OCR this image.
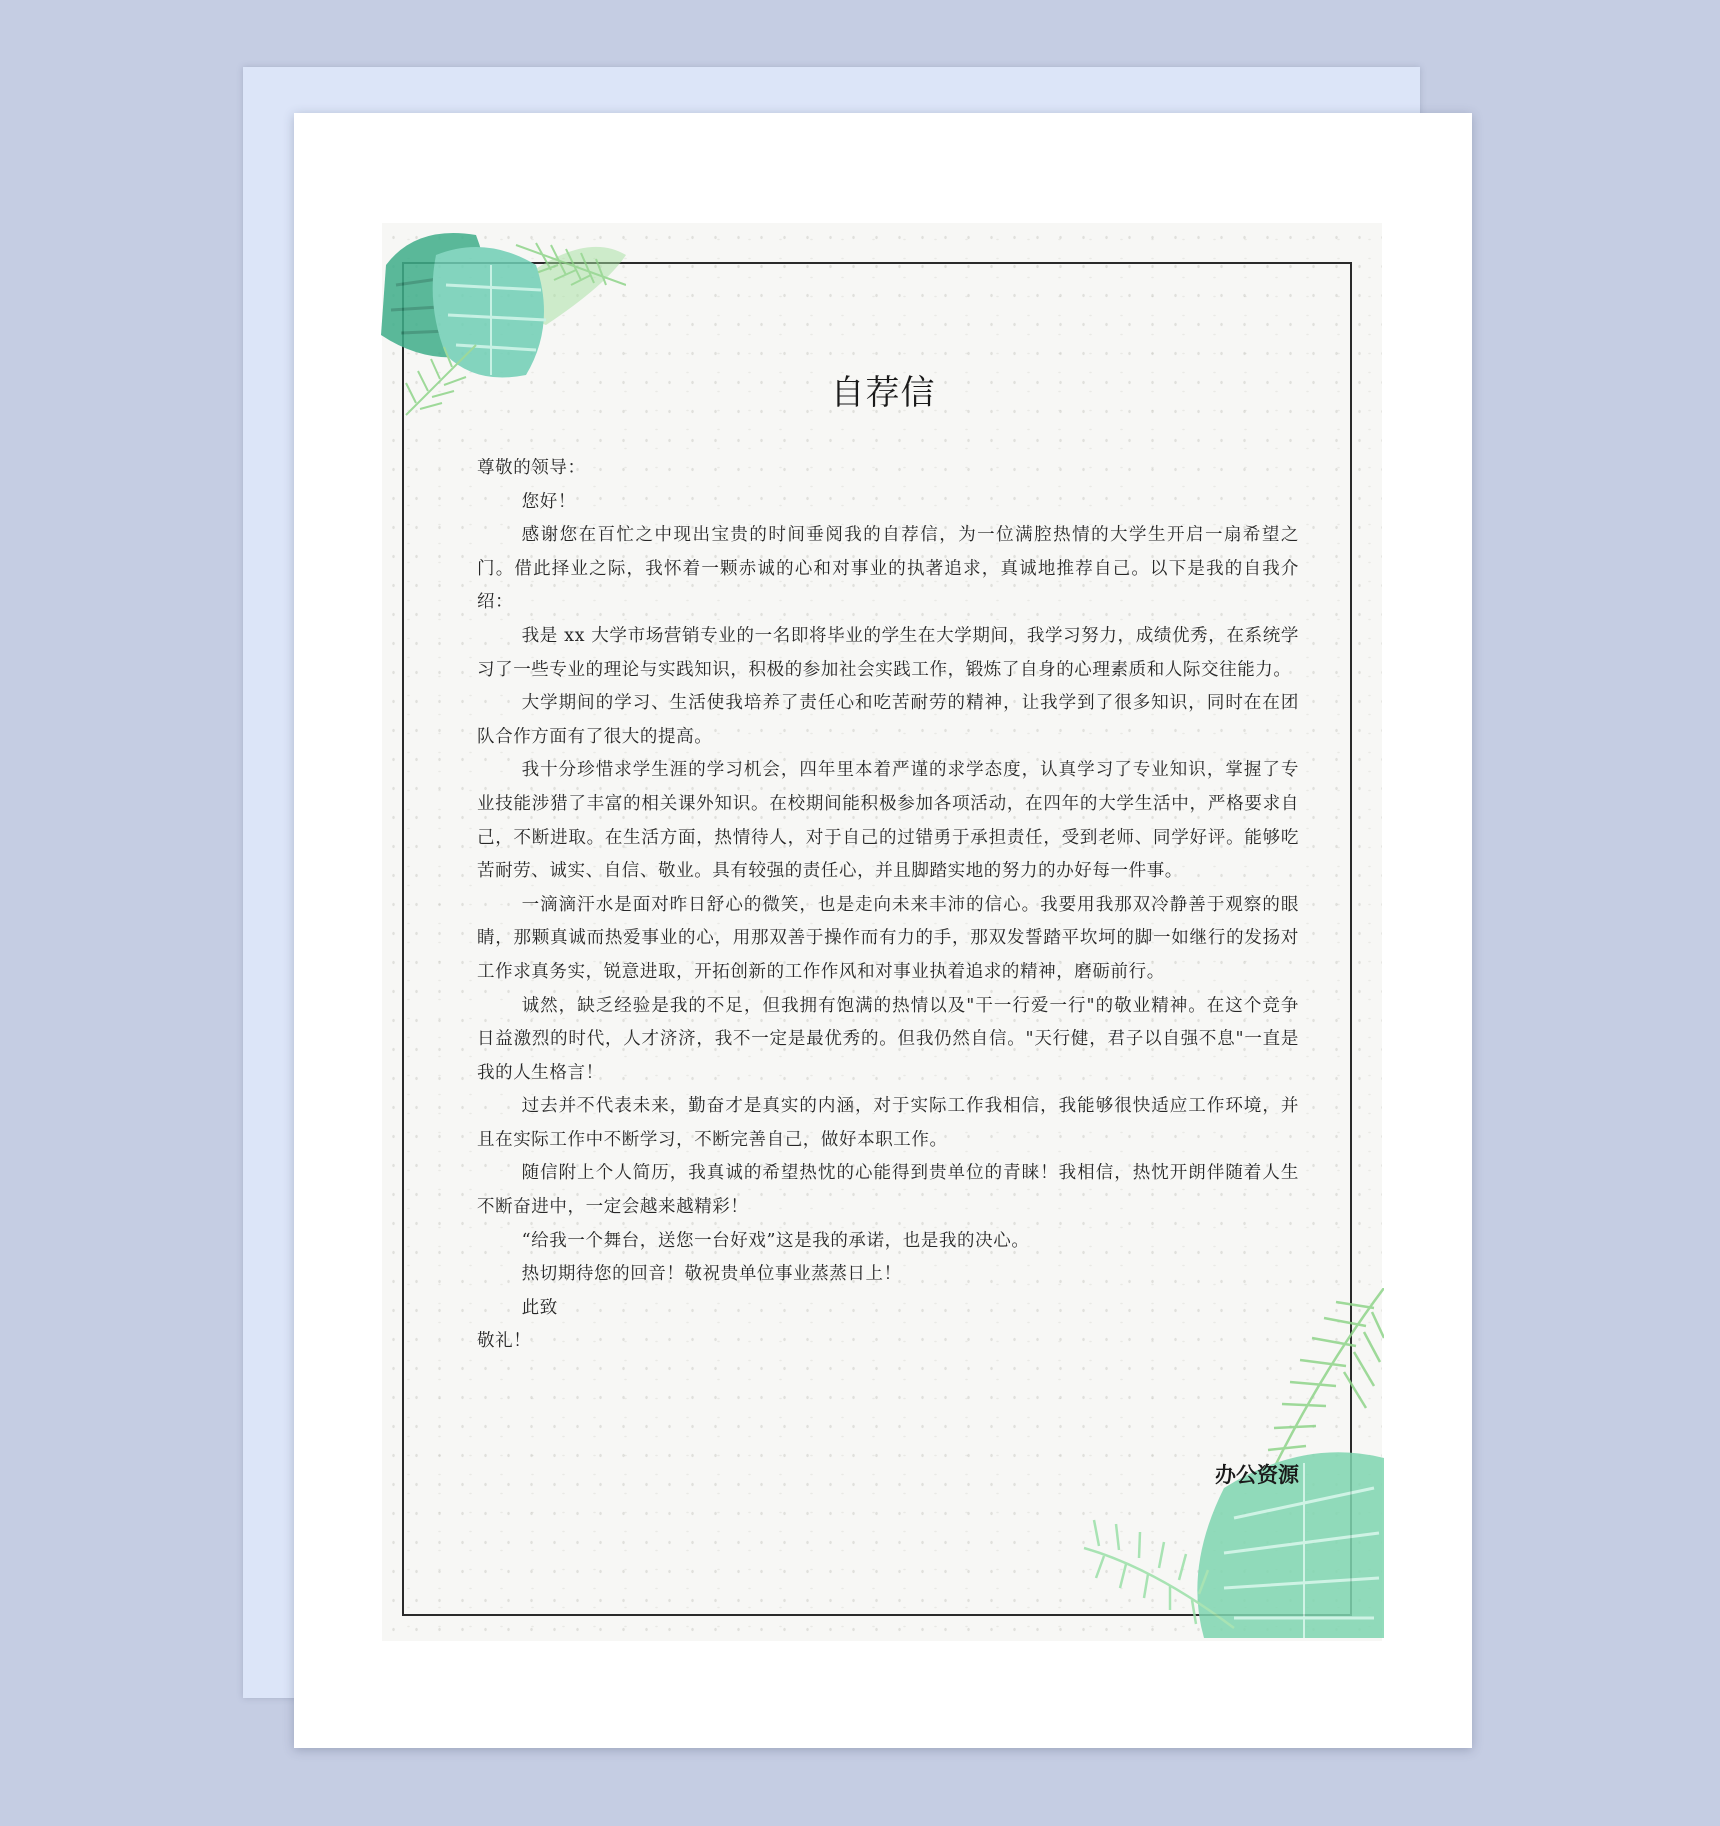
自荐信

尊敬的领导：

您好！

感谢您在百忙之中现出宝贵的时间垂阅我的自荐信，为一位满腔热情的大学生开启一扇希望之门。借此择业之际，我怀着一颗赤诚的心和对事业的执著追求，真诚地推荐自己。以下是我的自我介绍：

我是 xx 大学市场营销专业的一名即将毕业的学生在大学期间，我学习努力，成绩优秀，在系统学习了一些专业的理论与实践知识，积极的参加社会实践工作，锻炼了自身的心理素质和人际交往能力。

大学期间的学习、生活使我培养了责任心和吃苦耐劳的精神，让我学到了很多知识，同时在在团队合作方面有了很大的提高。

我十分珍惜求学生涯的学习机会，四年里本着严谨的求学态度，认真学习了专业知识，掌握了专业技能涉猎了丰富的相关课外知识。在校期间能积极参加各项活动，在四年的大学生活中，严格要求自己，不断进取。在生活方面，热情待人，对于自己的过错勇于承担责任，受到老师、同学好评。能够吃苦耐劳、诚实、自信、敬业。具有较强的责任心，并且脚踏实地的努力的办好每一件事。

一滴滴汗水是面对昨日舒心的微笑，也是走向未来丰沛的信心。我要用我那双冷静善于观察的眼睛，那颗真诚而热爱事业的心，用那双善于操作而有力的手，那双发誓踏平坎坷的脚一如继行的发扬对工作求真务实，锐意进取，开拓创新的工作作风和对事业执着追求的精神，磨砺前行。

诚然，缺乏经验是我的不足，但我拥有饱满的热情以及"干一行爱一行"的敬业精神。在这个竞争日益激烈的时代，人才济济，我不一定是最优秀的。但我仍然自信。"天行健，君子以自强不息"一直是我的人生格言！

过去并不代表未来，勤奋才是真实的内涵，对于实际工作我相信，我能够很快适应工作环境，并且在实际工作中不断学习，不断完善自己，做好本职工作。

随信附上个人简历，我真诚的希望热忱的心能得到贵单位的青睐！我相信，热忱开朗伴随着人生不断奋进中，一定会越来越精彩！

“给我一个舞台，送您一台好戏”这是我的承诺，也是我的决心。

热切期待您的回音！敬祝贵单位事业蒸蒸日上！

此致

敬礼！

办公资源
